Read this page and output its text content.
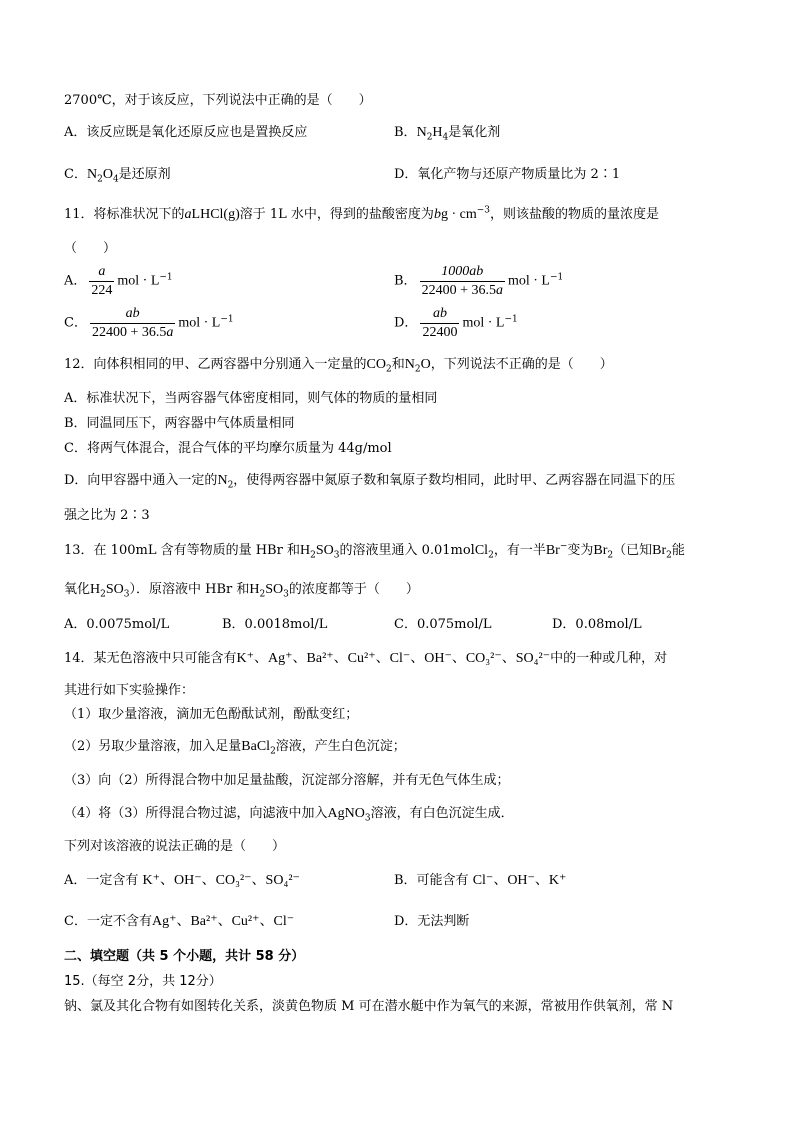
2700℃，对于该反应，下列说法中正确的是（　　）
A．该反应既是氧化还原反应也是置换反应	B．$N_2H_4$是氧化剂
C．$N_2O_4$是还原剂	D．氧化产物与还原产物质量比为 2∶1
11．将标准状况下的aLHCl(g)溶于 1L 水中，得到的盐酸密度为bg · $cm^{-3}$，则该盐酸的物质的量浓度是
（　　）
A． $\frac{a}{224}$ mol · $L^{-1}$	B． $\frac{1000ab}{22400 + 36.5a}$ mol · $L^{-1}$
C． $\frac{ab}{22400 + 36.5a}$ mol · $L^{-1}$	D． $\frac{ab}{22400}$ mol · $L^{-1}$
12．向体积相同的甲、乙两容器中分别通入一定量的$CO_2$和$N_2O$，下列说法不正确的是（　　）
A．标准状况下，当两容器气体密度相同，则气体的物质的量相同
B．同温同压下，两容器中气体质量相同
C．将两气体混合，混合气体的平均摩尔质量为 44g/mol
D．向甲容器中通入一定的$N_2$，使得两容器中氮原子数和氧原子数均相同，此时甲、乙两容器在同温下的压
强之比为 2∶3
13．在 100mL 含有等物质的量 HBr 和$H_2SO_3$的溶液里通入 0.01molCl$_2$，有一半Br−变为$Br_2$（已知$Br_2$能
氧化$H_2SO_3$）．原溶液中 HBr 和$H_2SO_3$的浓度都等于（　　）
A．0.0075mol/L	B．0.0018mol/L	C．0.075mol/L	D．0.08mol/L
14．某无色溶液中只可能含有K⁺、Ag⁺、Ba²⁺、Cu²⁺、Cl⁻、OH⁻、CO₃²⁻、SO₄²⁻中的一种或几种，对
其进行如下实验操作：
（1）取少量溶液，滴加无色酚酞试剂，酚酞变红；
（2）另取少量溶液，加入足量BaCl$_2$溶液，产生白色沉淀；
（3）向（2）所得混合物中加足量盐酸，沉淀部分溶解，并有无色气体生成；
（4）将（3）所得混合物过滤，向滤液中加入AgNO$_3$溶液，有白色沉淀生成．
下列对该溶液的说法正确的是（　　）
A．一定含有 K⁺、OH⁻、CO₃²⁻、SO₄²⁻	B．可能含有 Cl⁻、OH⁻、K⁺
C．一定不含有Ag⁺、Ba²⁺、Cu²⁺、Cl⁻	D．无法判断
二、填空题（共 5 个小题，共计 58 分）
15.（每空 2分，共 12分）
钠、氯及其化合物有如图转化关系，淡黄色物质 M 可在潜水艇中作为氧气的来源，常被用作供氧剂，常 N
